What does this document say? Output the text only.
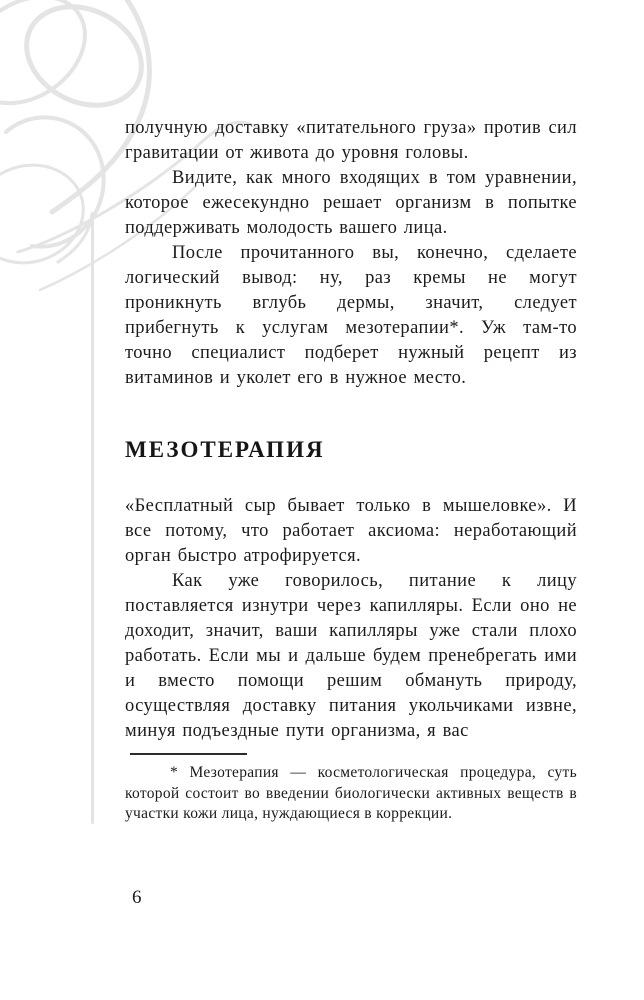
получную доставку «питательного груза» против сил гравитации от живота до уровня головы.

Видите, как много входящих в том уравнении, которое ежесекундно решает организм в попытке поддерживать молодость вашего лица.

После прочитанного вы, конечно, сделаете логический вывод: ну, раз кремы не могут проникнуть вглубь дермы, значит, следует прибегнуть к услугам мезотерапии*. Уж там-то точно специалист подберет нужный рецепт из витаминов и уколет его в нужное место.

МЕЗОТЕРАПИЯ

«Бесплатный сыр бывает только в мышеловке». И все потому, что работает аксиома: неработающий орган быстро атрофируется.

Как уже говорилось, питание к лицу поставляется изнутри через капилляры. Если оно не доходит, значит, ваши капилляры уже стали плохо работать. Если мы и дальше будем пренебрегать ими и вместо помощи решим обмануть природу, осуществляя доставку питания укольчиками извне, минуя подъездные пути организма, я вас

* Мезотерапия — косметологическая процедура, суть которой состоит во введении биологически активных веществ в участки кожи лица, нуждающиеся в коррекции.
6
